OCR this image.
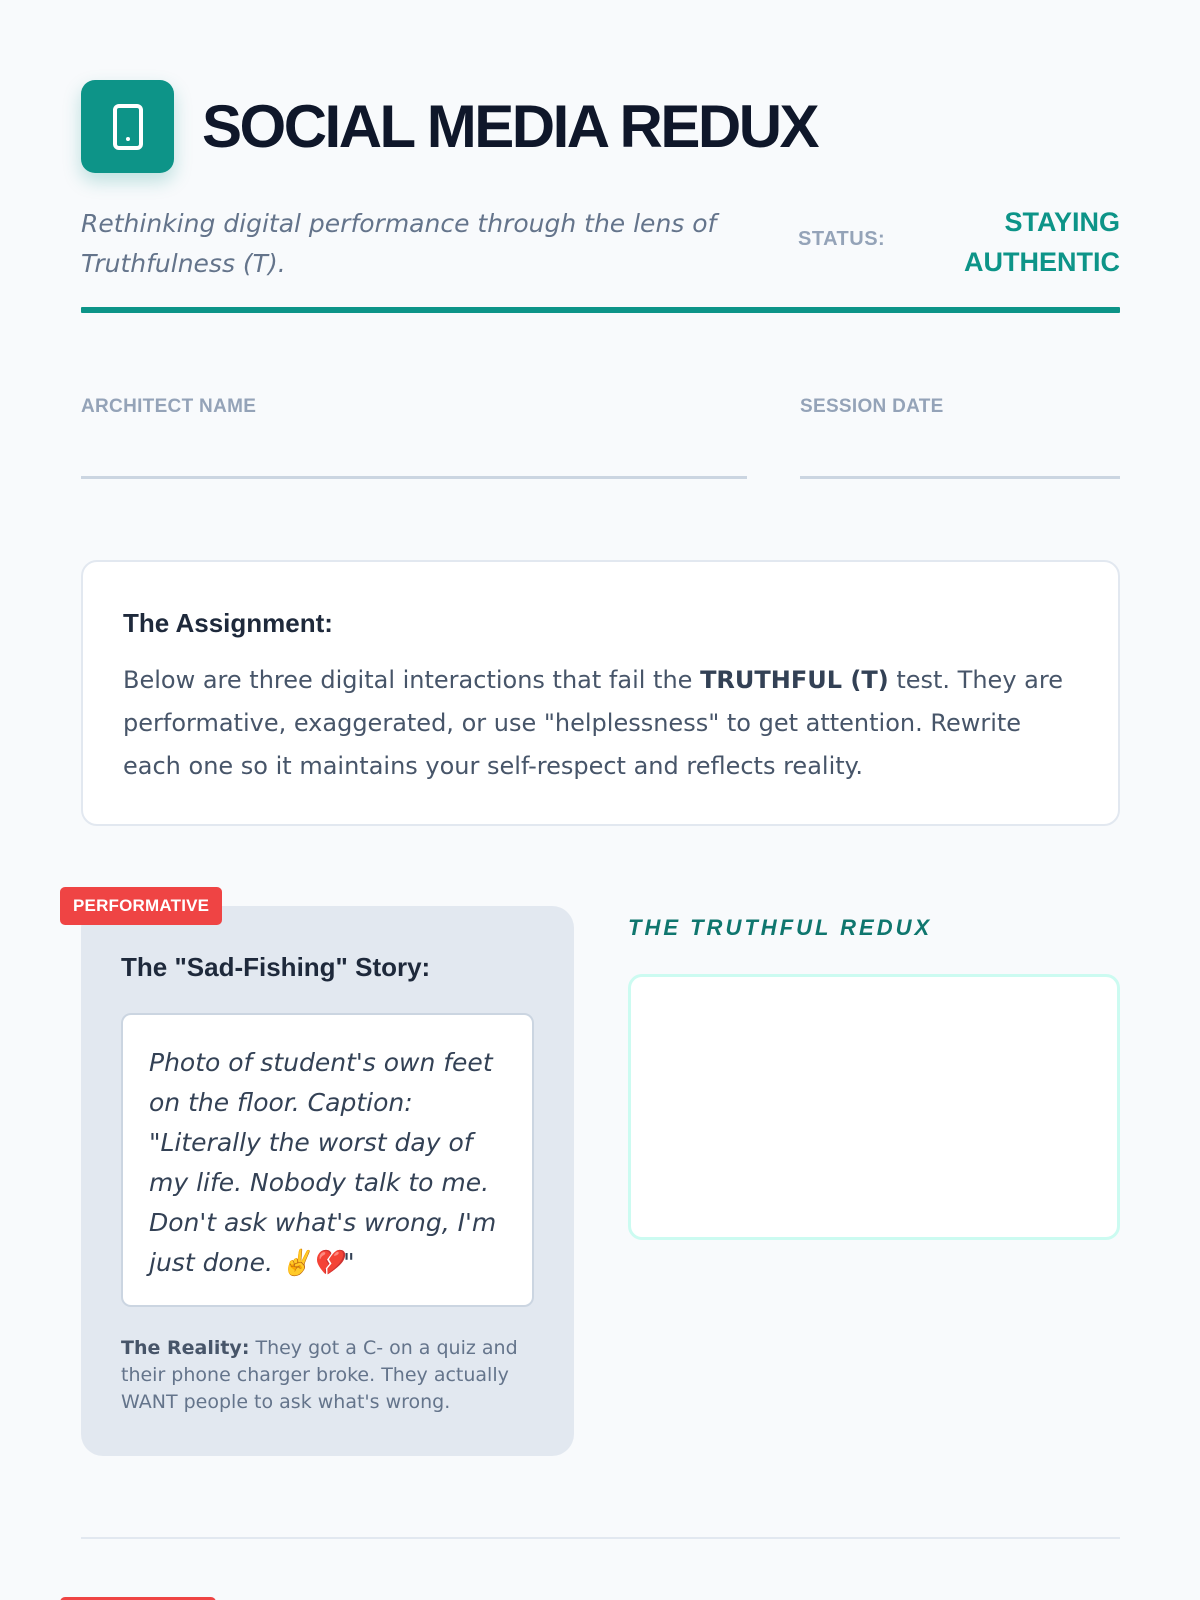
SOCIAL MEDIA REDUX
Rethinking digital performance through the lens of Truthfulness (T).
STATUS:
STAYING AUTHENTIC
ARCHITECT NAME	SESSION DATE
The Assignment:
Below are three digital interactions that fail the TRUTHFUL (T) test. They are performative, exaggerated, or use "helplessness" to get attention. Rewrite each one so it maintains your self-respect and reflects reality.
The "Sad-Fishing" Story:
Photo of student's own feet on the floor. Caption: "Literally the worst day of my life. Nobody talk to me. Don't ask what's wrong, I'm just done. ✌️💔"
The Reality: They got a C- on a quiz and their phone charger broke. They actually WANT people to ask what's wrong.
PERFORMATIVE
THE TRUTHFUL REDUX
